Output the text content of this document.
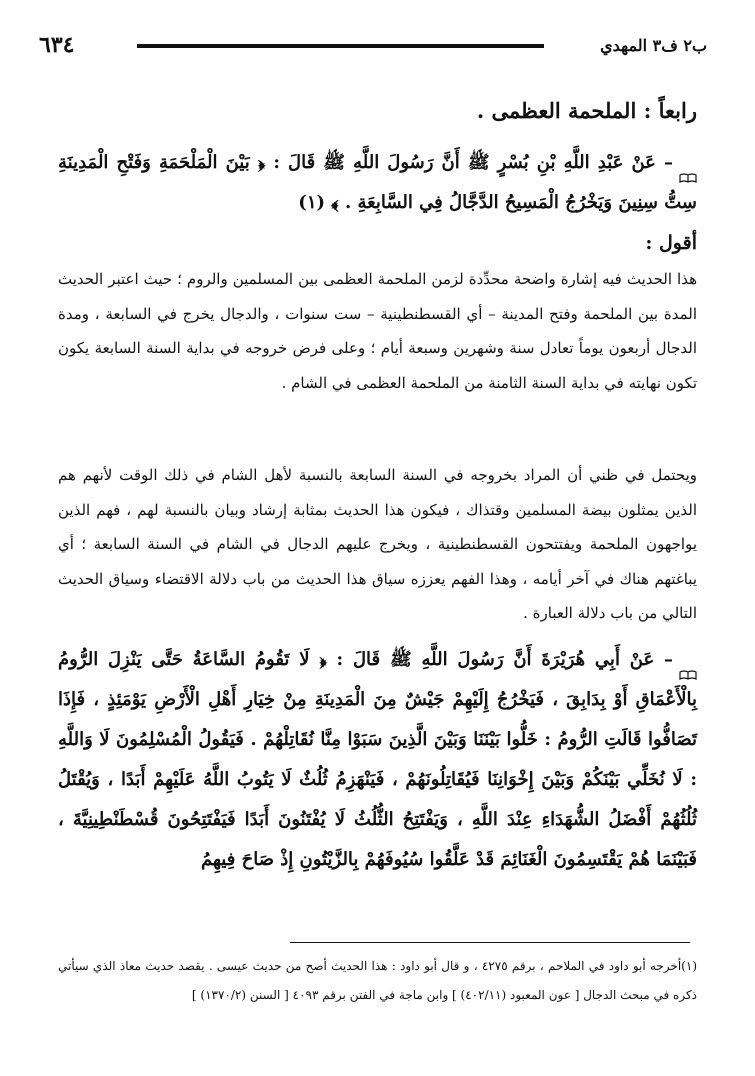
ب٢ ف٣ المهدي
٦٣٤
رابعاً : الملحمة العظمى .
– عَنْ عَبْدِ اللَّهِ بْنِ بُسْرٍ ﷺ أَنَّ رَسُولَ اللَّهِ ﷺ قَالَ : ﴿ بَيْنَ الْمَلْحَمَةِ وَفَتْحِ الْمَدِينَةِ سِتُّ سِنِينَ وَيَخْرُجُ الْمَسِيحُ الدَّجَّالُ فِي السَّابِعَةِ . ﴾ (١)
أقول :

هذا الحديث فيه إشارة واضحة محدِّدة لزمن الملحمة العظمى بين المسلمين والروم ؛ حيث اعتبر الحديث المدة بين الملحمة وفتح المدينة – أي القسطنطينية – ست سنوات ، والدجال يخرج في السابعة ، ومدة الدجال أربعون يوماً تعادل سنة وشهرين وسبعة أيام ؛ وعلى فرض خروجه في بداية السنة السابعة يكون تكون نهايته في بداية السنة الثامنة من الملحمة العظمى في الشام .

ويحتمل في ظني أن المراد بخروجه في السنة السابعة بالنسبة لأهل الشام في ذلك الوقت لأنهم هم الذين يمثلون بيضة المسلمين وقتذاك ، فيكون هذا الحديث بمثابة إرشاد وبيان بالنسبة لهم ، فهم الذين يواجهون الملحمة ويفتتحون القسطنطينية ، ويخرج عليهم الدجال في الشام في السنة السابعة ؛ أي يباغتهم هناك في آخر أيامه ، وهذا الفهم يعززه سياق هذا الحديث من باب دلالة الاقتضاء وسياق الحديث التالي من باب دلالة العبارة .

– عَنْ أَبِي هُرَيْرَةَ أَنَّ رَسُولَ اللَّهِ ﷺ قَالَ : ﴿ لَا تَقُومُ السَّاعَةُ حَتَّى يَنْزِلَ الرُّومُ بِالْأَعْمَاقِ أَوْ بِدَابِقَ ، فَيَخْرُجُ إِلَيْهِمْ جَيْشٌ مِنَ الْمَدِينَةِ مِنْ خِيَارِ أَهْلِ الْأَرْضِ يَوْمَئِذٍ ، فَإِذَا تَصَافُّوا قَالَتِ الرُّومُ : خَلُّوا بَيْنَنَا وَبَيْنَ الَّذِينَ سَبَوْا مِنَّا نُقَاتِلْهُمْ . فَيَقُولُ الْمُسْلِمُونَ لَا وَاللَّهِ : لَا نُخَلِّي بَيْنَكُمْ وَبَيْنَ إِخْوَانِنَا فَيُقَاتِلُونَهُمْ ، فَيَنْهَزِمُ ثُلُثٌ لَا يَتُوبُ اللَّهُ عَلَيْهِمْ أَبَدًا ، وَيُقْتَلُ ثُلُثُهُمْ أَفْضَلُ الشُّهَدَاءِ عِنْدَ اللَّهِ ، وَيَفْتَتِحُ الثُّلُثُ لَا يُفْتَنُونَ أَبَدًا فَيَفْتَتِحُونَ قُسْطَنْطِينِيَّةَ ، فَبَيْنَمَا هُمْ يَقْتَسِمُونَ الْغَنَائِمَ قَدْ عَلَّقُوا سُيُوفَهُمْ بِالزَّيْتُونِ إِذْ صَاحَ فِيهِمُ

(١)أخرجه أبو داود في الملاحم ، برقم ٤٢٧٥ ، و قال أبو داود : هذا الحديث أصح من حديث عيسى . يقصد حديث معاذ الذي سيأتي ذكره في مبحث الدجال [ عون المعبود (٤٠٢/١١) ] وابن ماجة في الفتن برقم ٤٠٩٣ [ السنن (١٣٧٠/٢) ]
